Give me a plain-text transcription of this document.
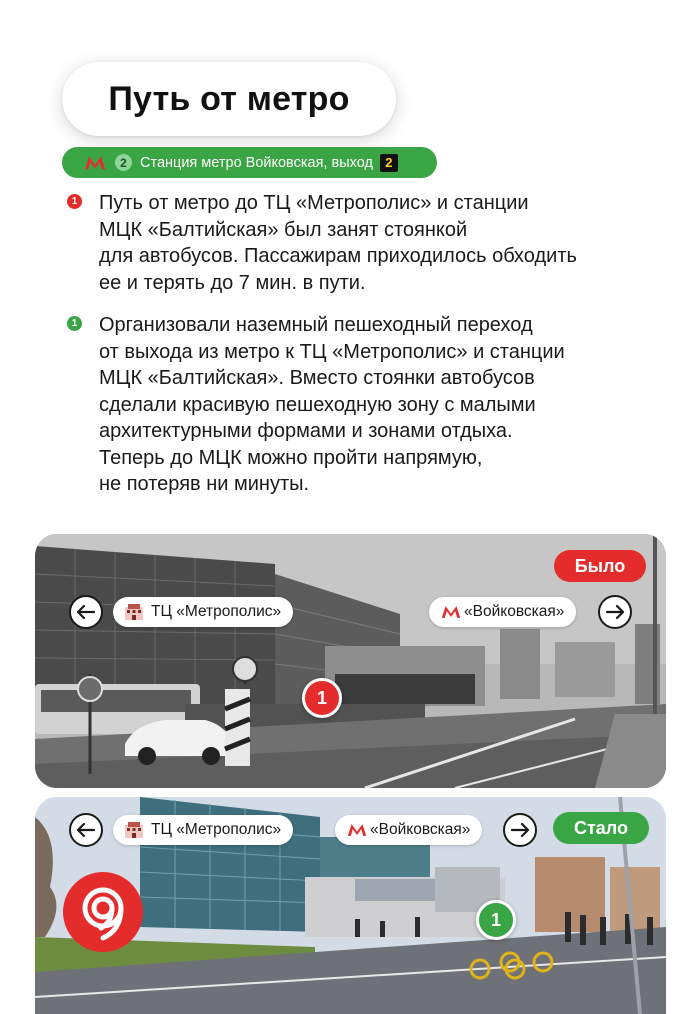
Путь от метро
2 Станция метро Войковская, выход 2
1 Путь от метро до ТЦ «Метрополис» и станции

МЦК «Балтийская» был занят стоянкой

для автобусов. Пассажирам приходилось обходить

ее и терять до 7 мин. в пути.

1 Организовали наземный пешеходный переход

от выхода из метро к ТЦ «Метрополис» и станции

МЦК «Балтийская». Вместо стоянки автобусов

сделали красивую пешеходную зону с малыми

архитектурными формами и зонами отдыха.

Теперь до МЦК можно пройти напрямую,

не потеряв ни минуты.

Было
ТЦ «Метрополис»	«Войковская»
1
ТЦ «Метрополис»	«Войковская»	Стало
1
